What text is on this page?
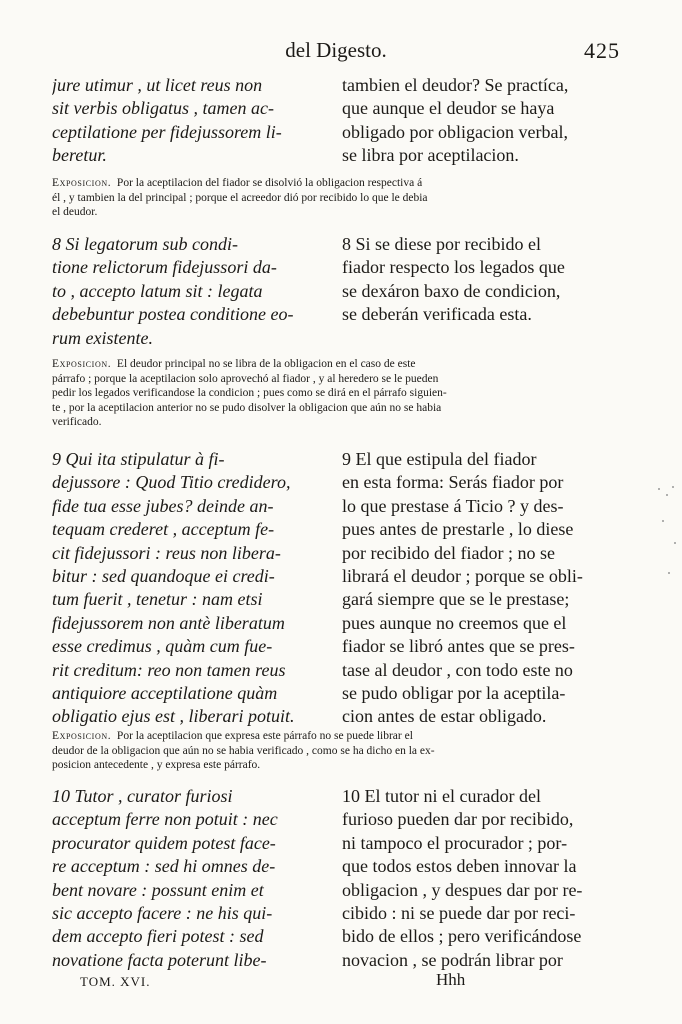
del Digesto.	425
jure utimur , ut licet reus non
sit verbis obligatus , tamen ac-
ceptilatione per fidejussorem li-
beretur.
tambien el deudor? Se practíca,
que aunque el deudor se haya
obligado por obligacion verbal,
se libra por aceptilacion.
Exposicion. Por la aceptilacion del fiador se disolvió la obligacion respectiva á
él , y tambien la del principal ; porque el acreedor dió por recibido lo que le debia
el deudor.
8 Si legatorum sub condi-
tione relictorum fidejussori da-
to , accepto latum sit : legata
debebuntur postea conditione eo-
rum existente.
8 Si se diese por recibido el
fiador respecto los legados que
se dexáron baxo de condicion,
se deberán verificada esta.
Exposicion. El deudor principal no se libra de la obligacion en el caso de este
párrafo ; porque la aceptilacion solo aprovechó al fiador , y al heredero se le pueden
pedir los legados verificandose la condicion ; pues como se dirá en el párrafo siguien-
te , por la aceptilacion anterior no se pudo disolver la obligacion que aún no se habia
verificado.
9 Qui ita stipulatur à fi-
dejussore : Quod Titio credidero,
fide tua esse jubes? deinde an-
tequam crederet , acceptum fe-
cit fidejussori : reus non libera-
bitur : sed quandoque ei credi-
tum fuerit , tenetur : nam etsi
fidejussorem non antè liberatum
esse credimus , quàm cum fue-
rit creditum: reo non tamen reus
antiquiore acceptilatione quàm
obligatio ejus est , liberari potuit.
9 El que estipula del fiador
en esta forma: Serás fiador por
lo que prestase á Ticio ? y des-
pues antes de prestarle , lo diese
por recibido del fiador ; no se
librará el deudor ; porque se obli-
gará siempre que se le prestase;
pues aunque no creemos que el
fiador se libró antes que se pres-
tase al deudor , con todo este no
se pudo obligar por la aceptila-
cion antes de estar obligado.
Exposicion. Por la aceptilacion que expresa este párrafo no se puede librar el
deudor de la obligacion que aún no se habia verificado , como se ha dicho en la ex-
posicion antecedente , y expresa este párrafo.
10 Tutor , curator furiosi
acceptum ferre non potuit : nec
procurator quidem potest face-
re acceptum : sed hi omnes de-
bent novare : possunt enim et
sic accepto facere : ne his qui-
dem accepto fieri potest : sed
novatione facta poterunt libe-
10 El tutor ni el curador del
furioso pueden dar por recibido,
ni tampoco el procurador ; por-
que todos estos deben innovar la
obligacion , y despues dar por re-
cibido : ni se puede dar por reci-
bido de ellos ; pero verificándose
novacion , se podrán librar por
TOM. XVI.	Hhh
